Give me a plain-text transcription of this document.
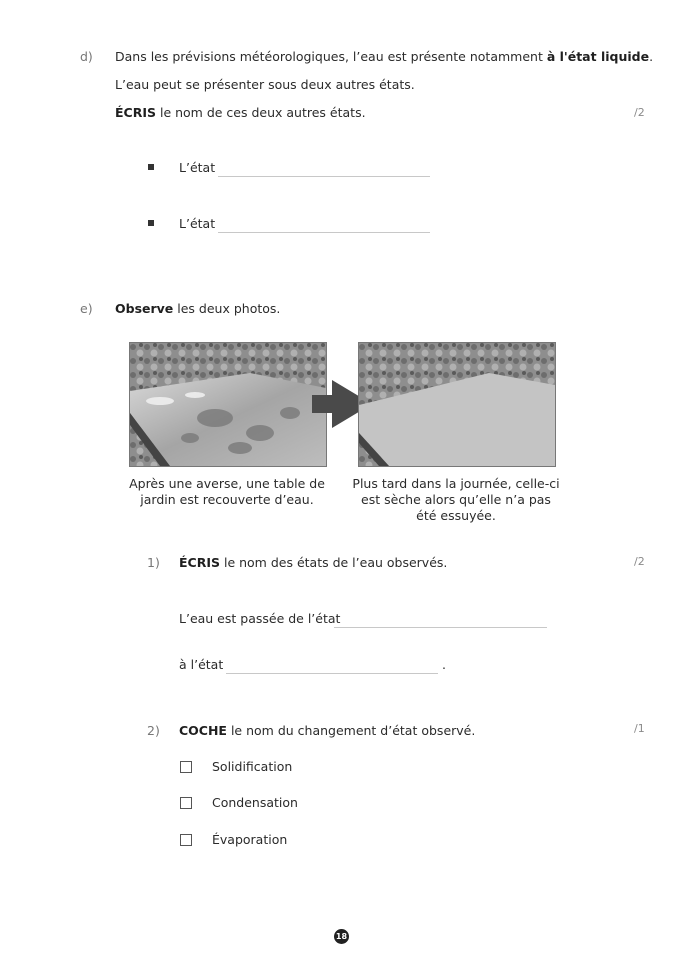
d) Dans les prévisions météorologiques, l’eau est présente notamment à l'état liquide.
L’eau peut se présenter sous deux autres états.
ÉCRIS le nom de ces deux autres états.	/2
L’état
L’état
e) Observe les deux photos.
Après une averse, une table de jardin est recouverte d’eau.
Plus tard dans la journée, celle-ci est sèche alors qu’elle n’a pas été essuyée.
1) ÉCRIS le nom des états de l’eau observés.	/2
L’eau est passée de l’état
à l’état	.
2) COCHE le nom du changement d’état observé.	/1
Solidification
Condensation
Évaporation
18
